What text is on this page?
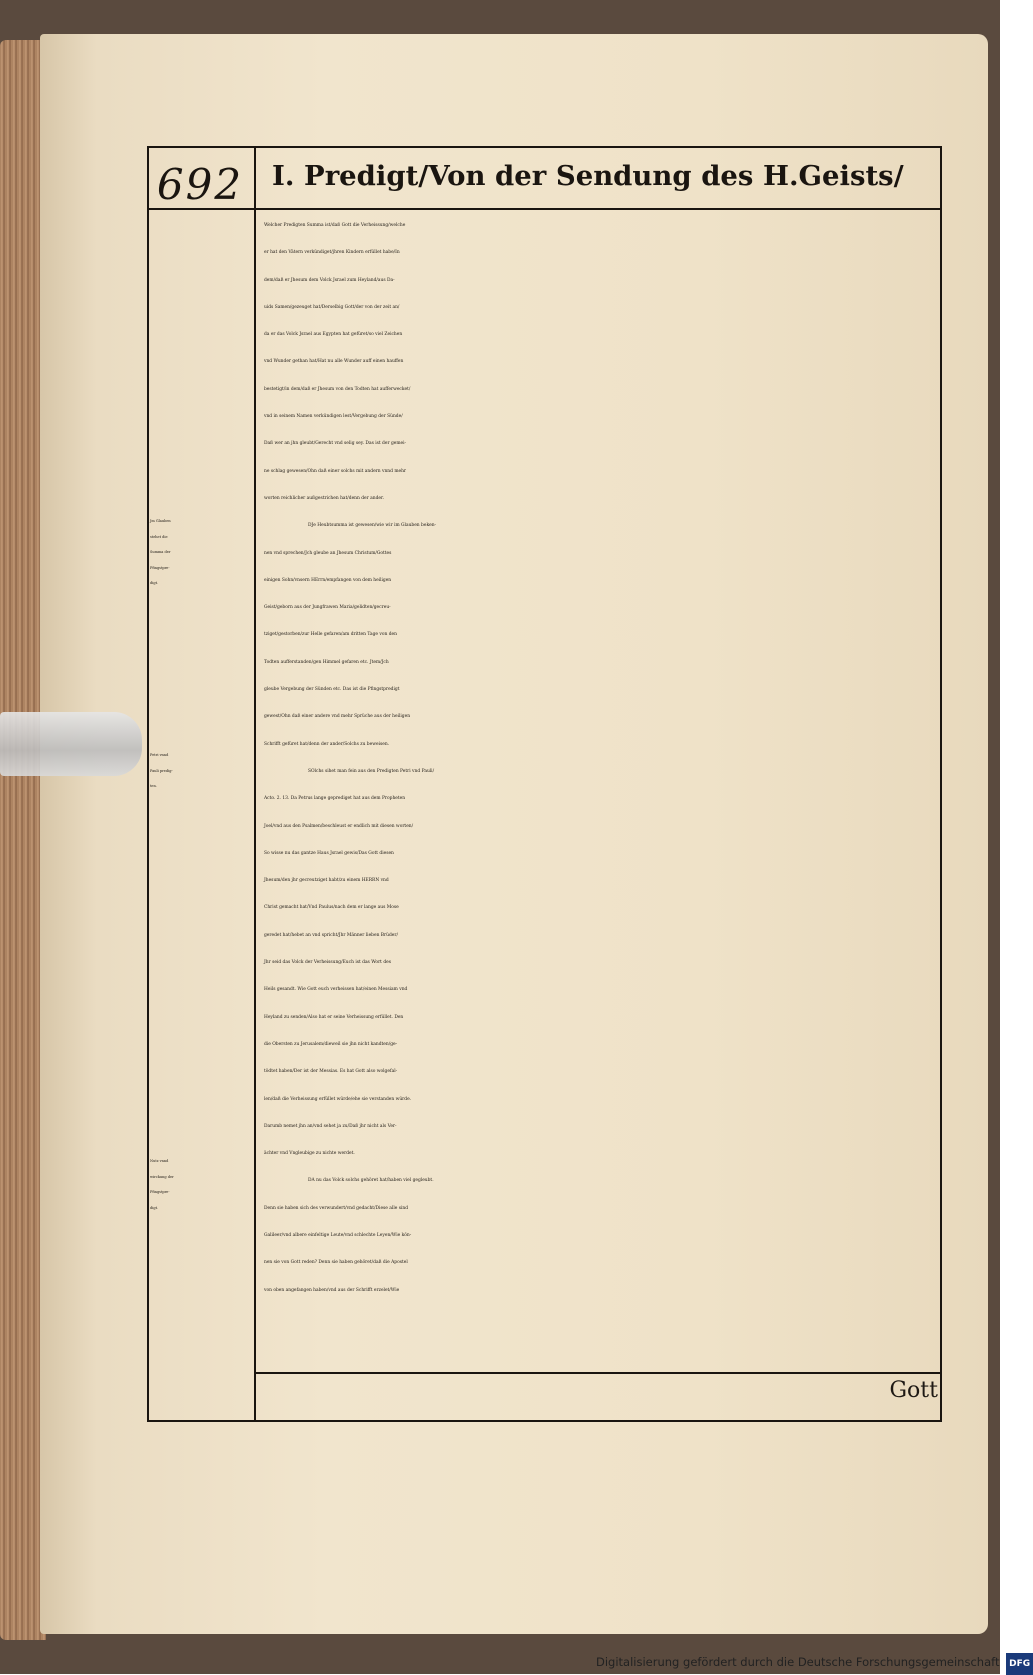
692 I. Predigt/Von der Sendung des H.Geists/
Welcher Predigten Summa ist/daß Gott die Verheissung/welche
er hat den Vätern verkündiget/jhren Kindern erfüllet habe/In
dem/daß er Jhesum dem Volck Jsrael zum Heyland/aus Da-
uids Samen/gezeuget hat/Derselbig Gott/der von der zeit an/
da er das Volck Jsrael aus Egypten hat gefüret/so viel Zeichen
vnd Wunder gethan hat/Hat nu alle Wunder auff einen hauffen
bestetigt/in dem/daß er Jhesum von den Todten hat aufferwecket/
vnd in seinem Namen verkündigen lest/Vergebung der Sünde/
Daß wer an jhn gleubt/Gerecht vnd selig sey. Das ist der gemei-
ne schlag gewesen/Ohn daß einer solchs mit andern vnnd mehr
worten reichlicher außgestrichen hat/denn der ander.
DJe Heubtsumma ist gewesen/wie wir im Glauben beken-
nen vnd sprechen/Jch gleube an Jhesum Christum/Gottes
einigen Sohn/vnsern HErrn/empfangen von dem heiligen
Geist/geborn aus der Jungfrawen Maria/gelidten/gecreu-
tziget/gestorben/zur Helle gefaren/am dritten Tage von den
Todten aufferstanden/gen Himmel gefaren etc. Jtem/Jch
gleube Vergebung der Sünden etc. Das ist die Pfingstpredigt
gewest/Ohn daß einer andere vnd mehr Sprüche aus der heiligen
Schrifft gefüret hat/denn der ander/Solchs zu beweisen.
SOlchs sihet man fein aus den Predigten Petri vnd Pauli/
Acto. 2. 13. Da Petrus lange geprediget hat aus dem Propheten
Joel/vnd aus den Psalmen/beschleust er endlich mit diesen worten/
So wisse nu das gantze Haus Jsrael gewis/Das Gott diesen
Jhesum/den jhr gecreutziget habt/zu einem HERRN vnd
Christ gemacht hat/Vnd Paulus/nach dem er lange aus Mose
geredet hat/hebet an vnd spricht/Jhr Männer lieben Brüder/
Jhr seid das Volck der Verheissung/Euch ist das Wort des
Heils gesandt. Wie Gott euch verheissen hat/einen Messiam vnd
Heyland zu senden/Also hat er seine Verheissung erfüllet. Den
die Obersten zu Jerusalem/dieweil sie jhn nicht kandten/ge-
tödtet haben/Der ist der Messias. Es hat Gott also wolgefal-
len/daß die Verheissung erfüllet würde/ehe sie verstanden würde.
Darumb nemet jhn an/vnd sehet ja zu/Daß jhr nicht als Ver-
ächter vnd Vngleubige zu nichte werdet.
DA nu das Volck solchs gehöret hat/haben viel gegleubt.
Denn sie haben sich des verwundert/vnd gedacht/Diese alle sind
Galileer/vnd albere einfeltige Leute/vnd schlechte Leyen/Wie kön-
nen sie von Gott reden? Denn sie haben gehöret/daß die Apostel
von oben angefangen haben/vnd aus der Schrifft erzelet/Wie
Jm Glauben
stehet die
Summa der
Pfingstpre-
digt.
Petri vnnd
Pauli predig-
ten.
Nutz vnnd
wirckung der
Pfingstpre-
digt.
Gott
Digitalisierung gefördert durch die Deutsche Forschungsgemeinschaft DFG
